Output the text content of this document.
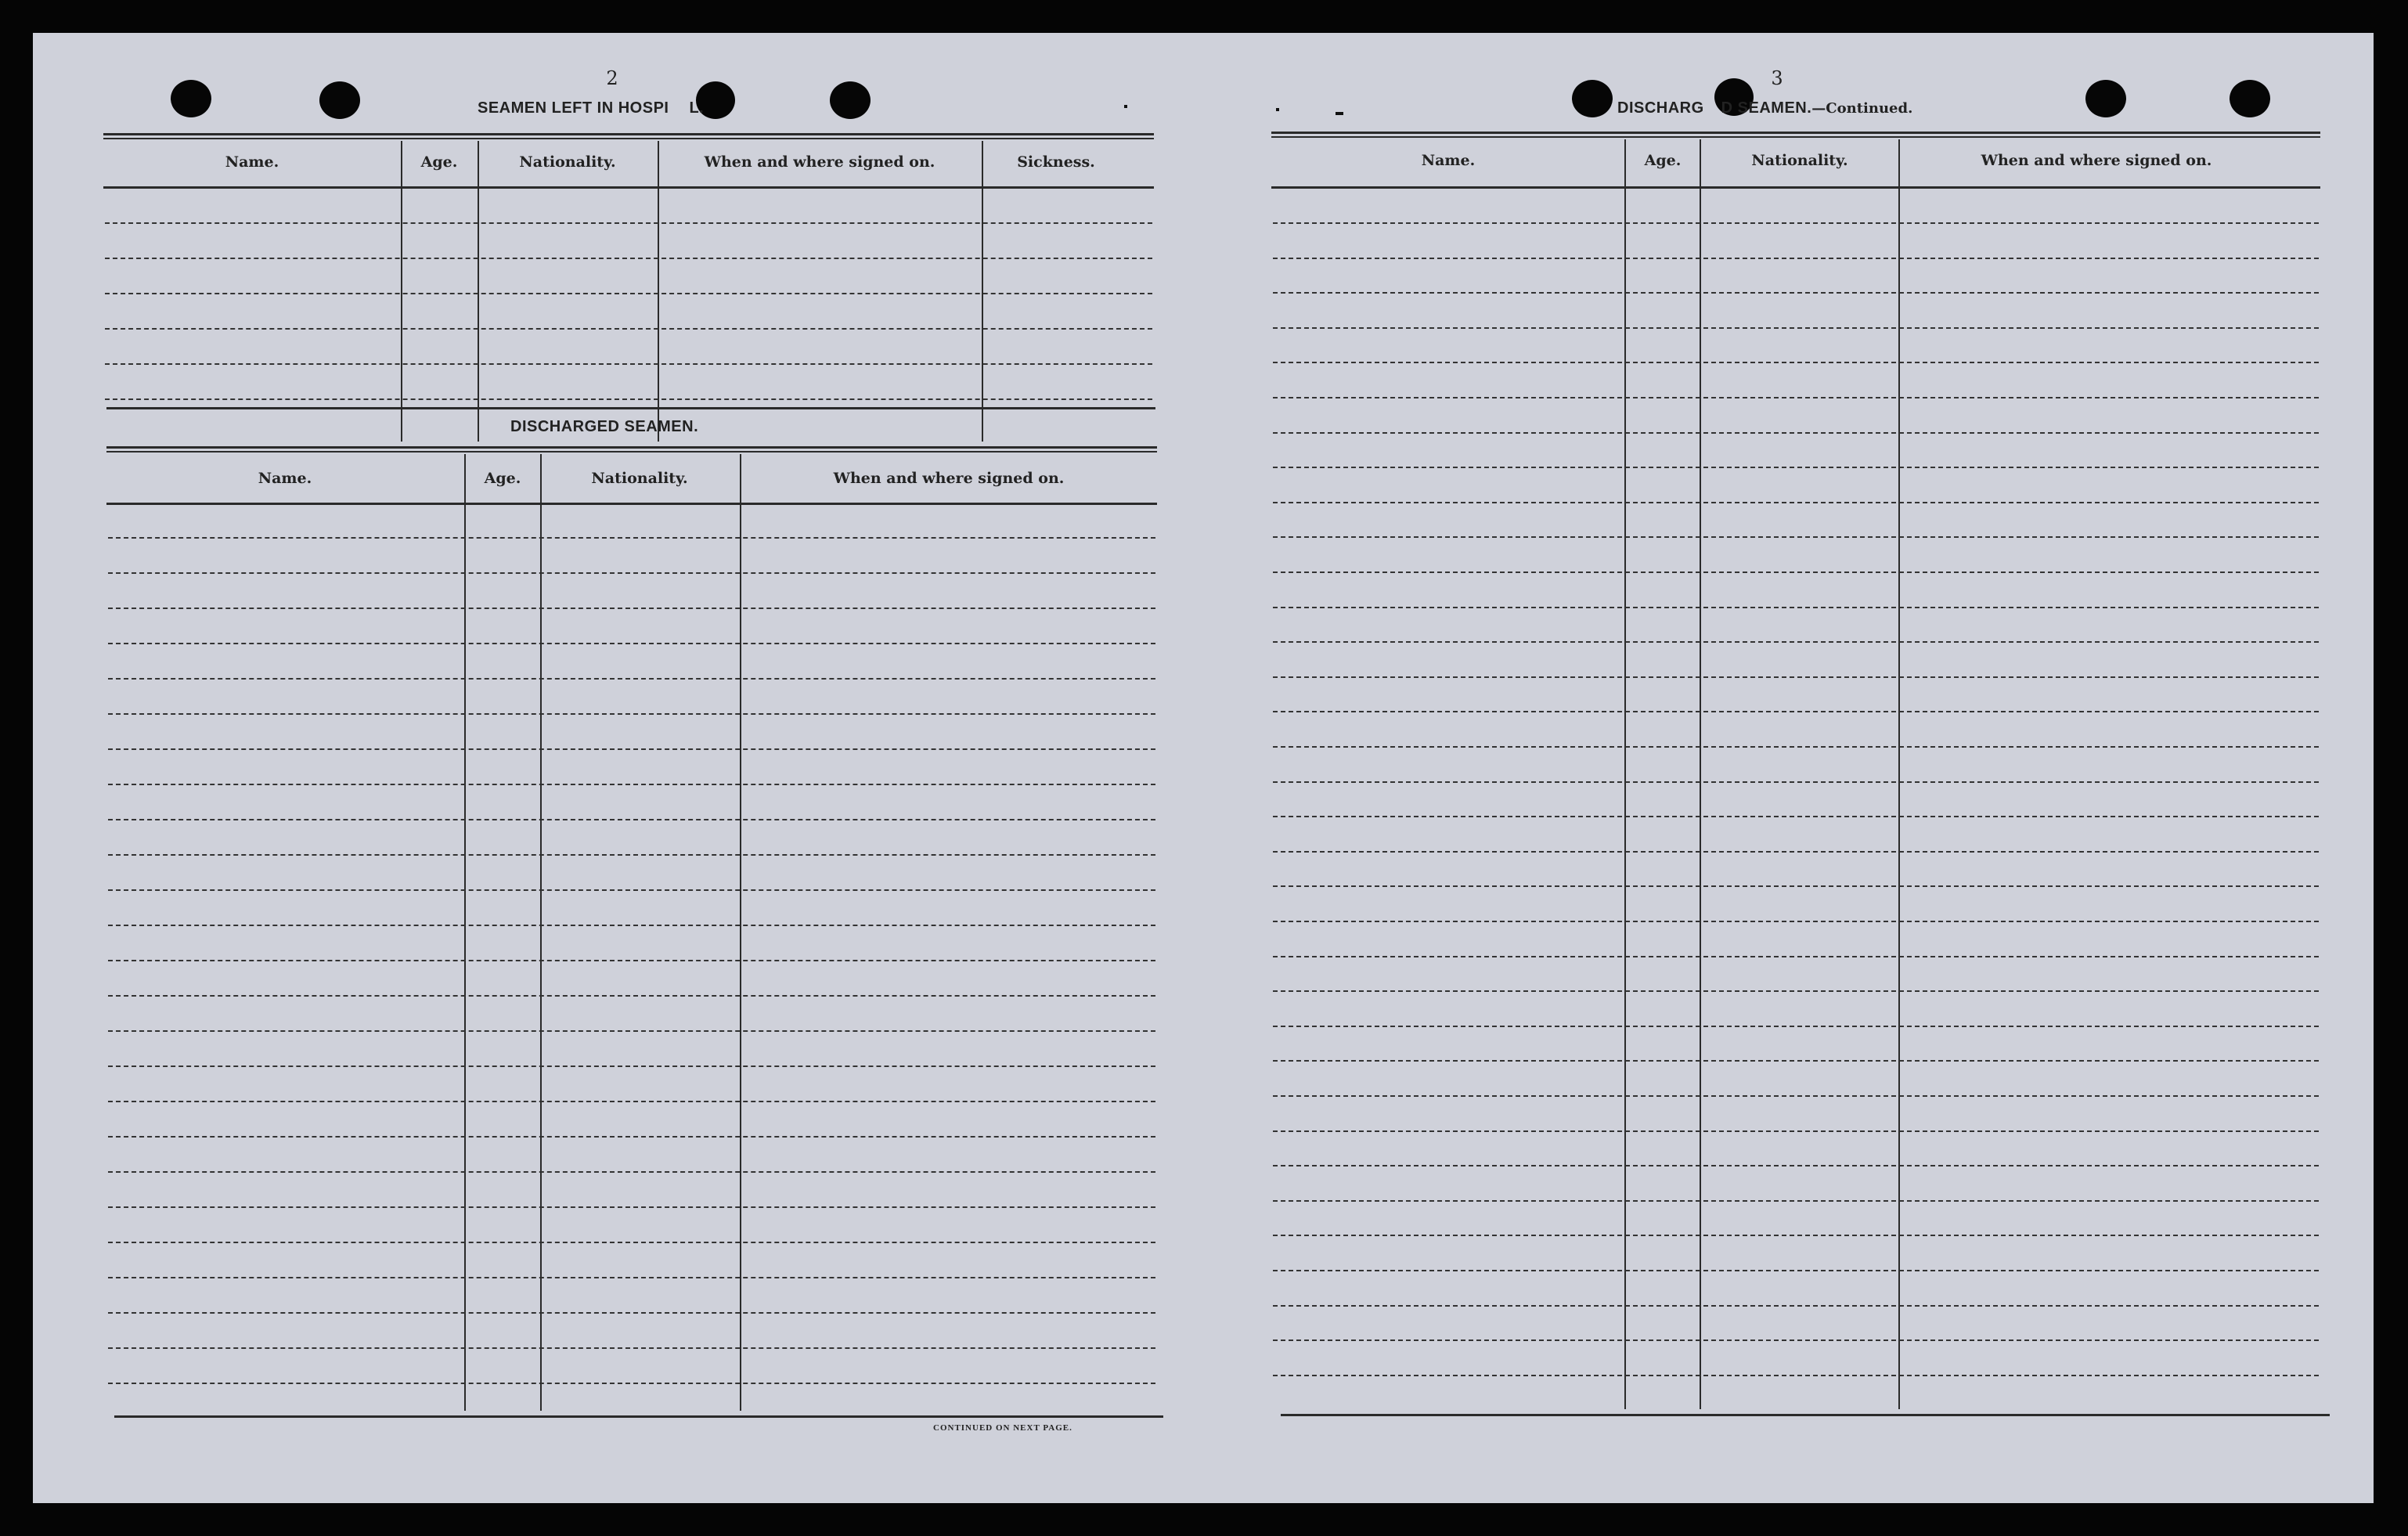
2
SEAMEN LEFT IN HOSPI L.
Name.	Age.	Nationality.	When and where signed on.	Sickness.
DISCHARGED SEAMEN.
Name.	Age.	Nationality.	When and where signed on.
CONTINUED ON NEXT PAGE.
3
DISCHARG D SEAMEN.—Continued.
Name.	Age.	Nationality.	When and where signed on.
